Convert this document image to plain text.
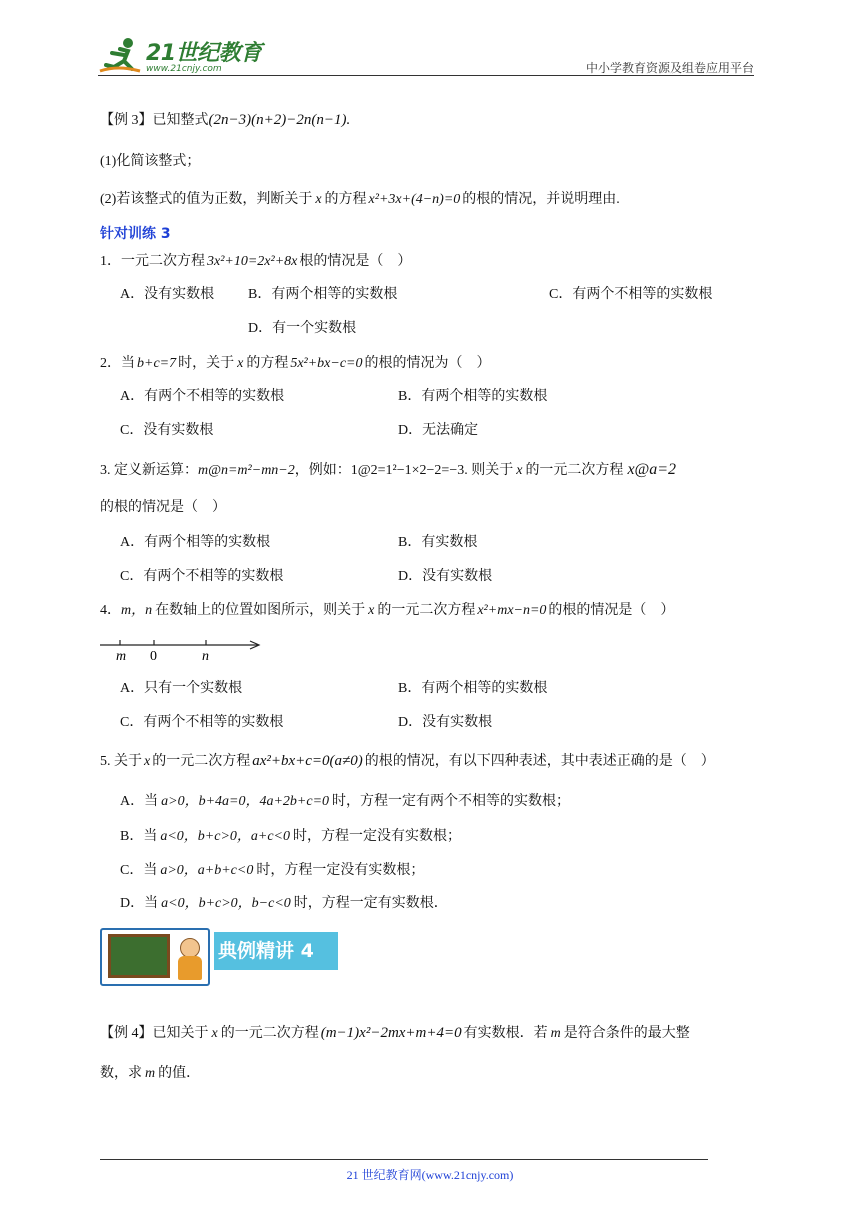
21世纪教育
www.21cnjy.com	中小学教育资源及组卷应用平台
【例 3】已知整式(2n−3)(n+2)−2n(n−1).
(1)化简该整式；
(2)若该整式的值为正数，判断关于 x 的方程 x²+3x+(4−n)=0 的根的情况，并说明理由.
针对训练 3
1．一元二次方程 3x²+10=2x²+8x 根的情况是（　）
A．没有实数根 B．有两个相等的实数根	C．有两个不相等的实数根
D．有一个实数根
2．当 b+c=7 时，关于 x 的方程 5x²+bx−c=0 的根的情况为（　）
A．有两个不相等的实数根	B．有两个相等的实数根
C．没有实数根	D．无法确定
3. 定义新运算：m@n=m²−mn−2，例如：1@2=1²−1×2−2=−3. 则关于 x 的一元二次方程 x@a=2
的根的情况是（　）
A．有两个相等的实数根	B．有实数根
C．有两个不相等的实数根	D．没有实数根
4．m，n 在数轴上的位置如图所示，则关于 x 的一元二次方程 x²+mx−n=0 的根的情况是（　）
m 0	n
A．只有一个实数根	B．有两个相等的实数根
C．有两个不相等的实数根	D．没有实数根
5. 关于 x 的一元二次方程 ax²+bx+c=0(a≠0) 的根的情况，有以下四种表述，其中表述正确的是（　）
A．当 a>0，b+4a=0，4a+2b+c=0 时，方程一定有两个不相等的实数根；
B．当 a<0，b+c>0，a+c<0 时，方程一定没有实数根；
C．当 a>0，a+b+c<0 时，方程一定没有实数根；
D．当 a<0，b+c>0，b−c<0 时，方程一定有实数根．
典例精讲 4
【例 4】已知关于 x 的一元二次方程 (m−1)x²−2mx+m+4=0 有实数根．若 m 是符合条件的最大整
数，求 m 的值．
21 世纪教育网(www.21cnjy.com)
